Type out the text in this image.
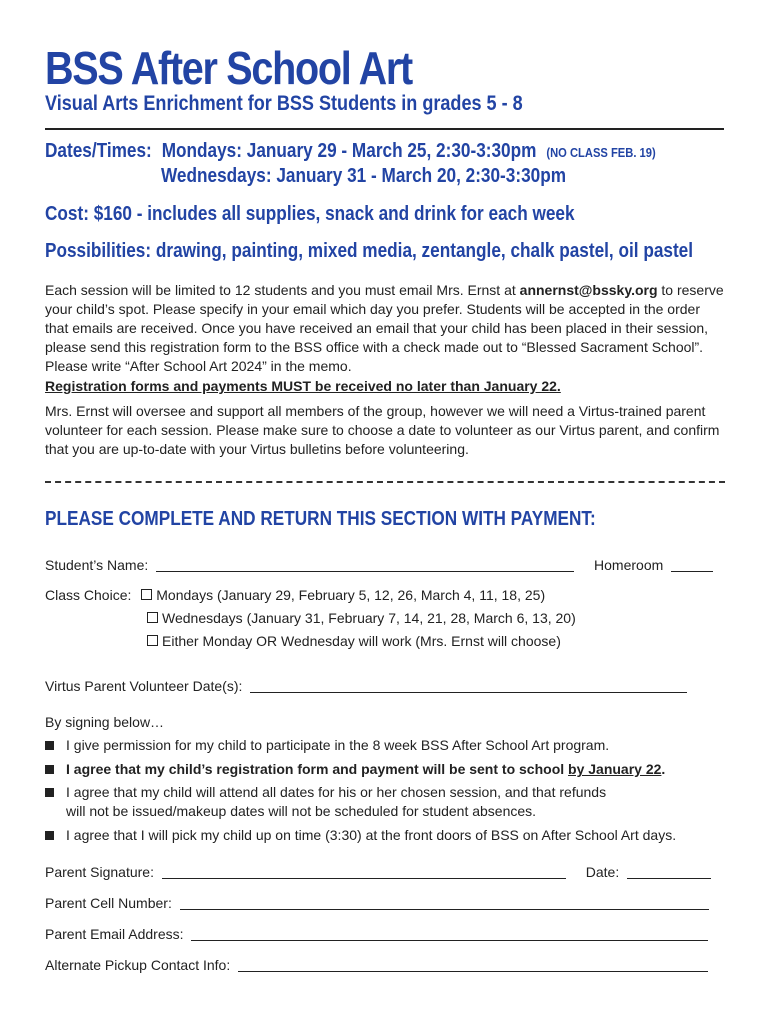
BSS After School Art
Visual Arts Enrichment for BSS Students in grades 5 - 8
Dates/Times: Mondays: January 29 - March 25, 2:30-3:30pm (NO CLASS FEB. 19)
Wednesdays: January 31 - March 20, 2:30-3:30pm
Cost: $160 - includes all supplies, snack and drink for each week
Possibilities: drawing, painting, mixed media, zentangle, chalk pastel, oil pastel
Each session will be limited to 12 students and you must email Mrs. Ernst at annernst@bssky.org to reserve your child’s spot. Please specify in your email which day you prefer. Students will be accepted in the order that emails are received. Once you have received an email that your child has been placed in their session, please send this registration form to the BSS office with a check made out to “Blessed Sacrament School”. Please write “After School Art 2024” in the memo.
Registration forms and payments MUST be received no later than January 22.
Mrs. Ernst will oversee and support all members of the group, however we will need a Virtus-trained parent volunteer for each session. Please make sure to choose a date to volunteer as our Virtus parent, and confirm that you are up-to-date with your Virtus bulletins before volunteering.
PLEASE COMPLETE AND RETURN THIS SECTION WITH PAYMENT:
Student’s Name:	Homeroom
Class Choice: Mondays (January 29, February 5, 12, 26, March 4, 11, 18, 25)
Wednesdays (January 31, February 7, 14, 21, 28, March 6, 13, 20)
Either Monday OR Wednesday will work (Mrs. Ernst will choose)
Virtus Parent Volunteer Date(s):
By signing below…
I give permission for my child to participate in the 8 week BSS After School Art program.
I agree that my child’s registration form and payment will be sent to school by January 22.
I agree that my child will attend all dates for his or her chosen session, and that refunds
will not be issued/makeup dates will not be scheduled for student absences.
I agree that I will pick my child up on time (3:30) at the front doors of BSS on After School Art days.
Parent Signature:	Date:
Parent Cell Number:
Parent Email Address:
Alternate Pickup Contact Info:
